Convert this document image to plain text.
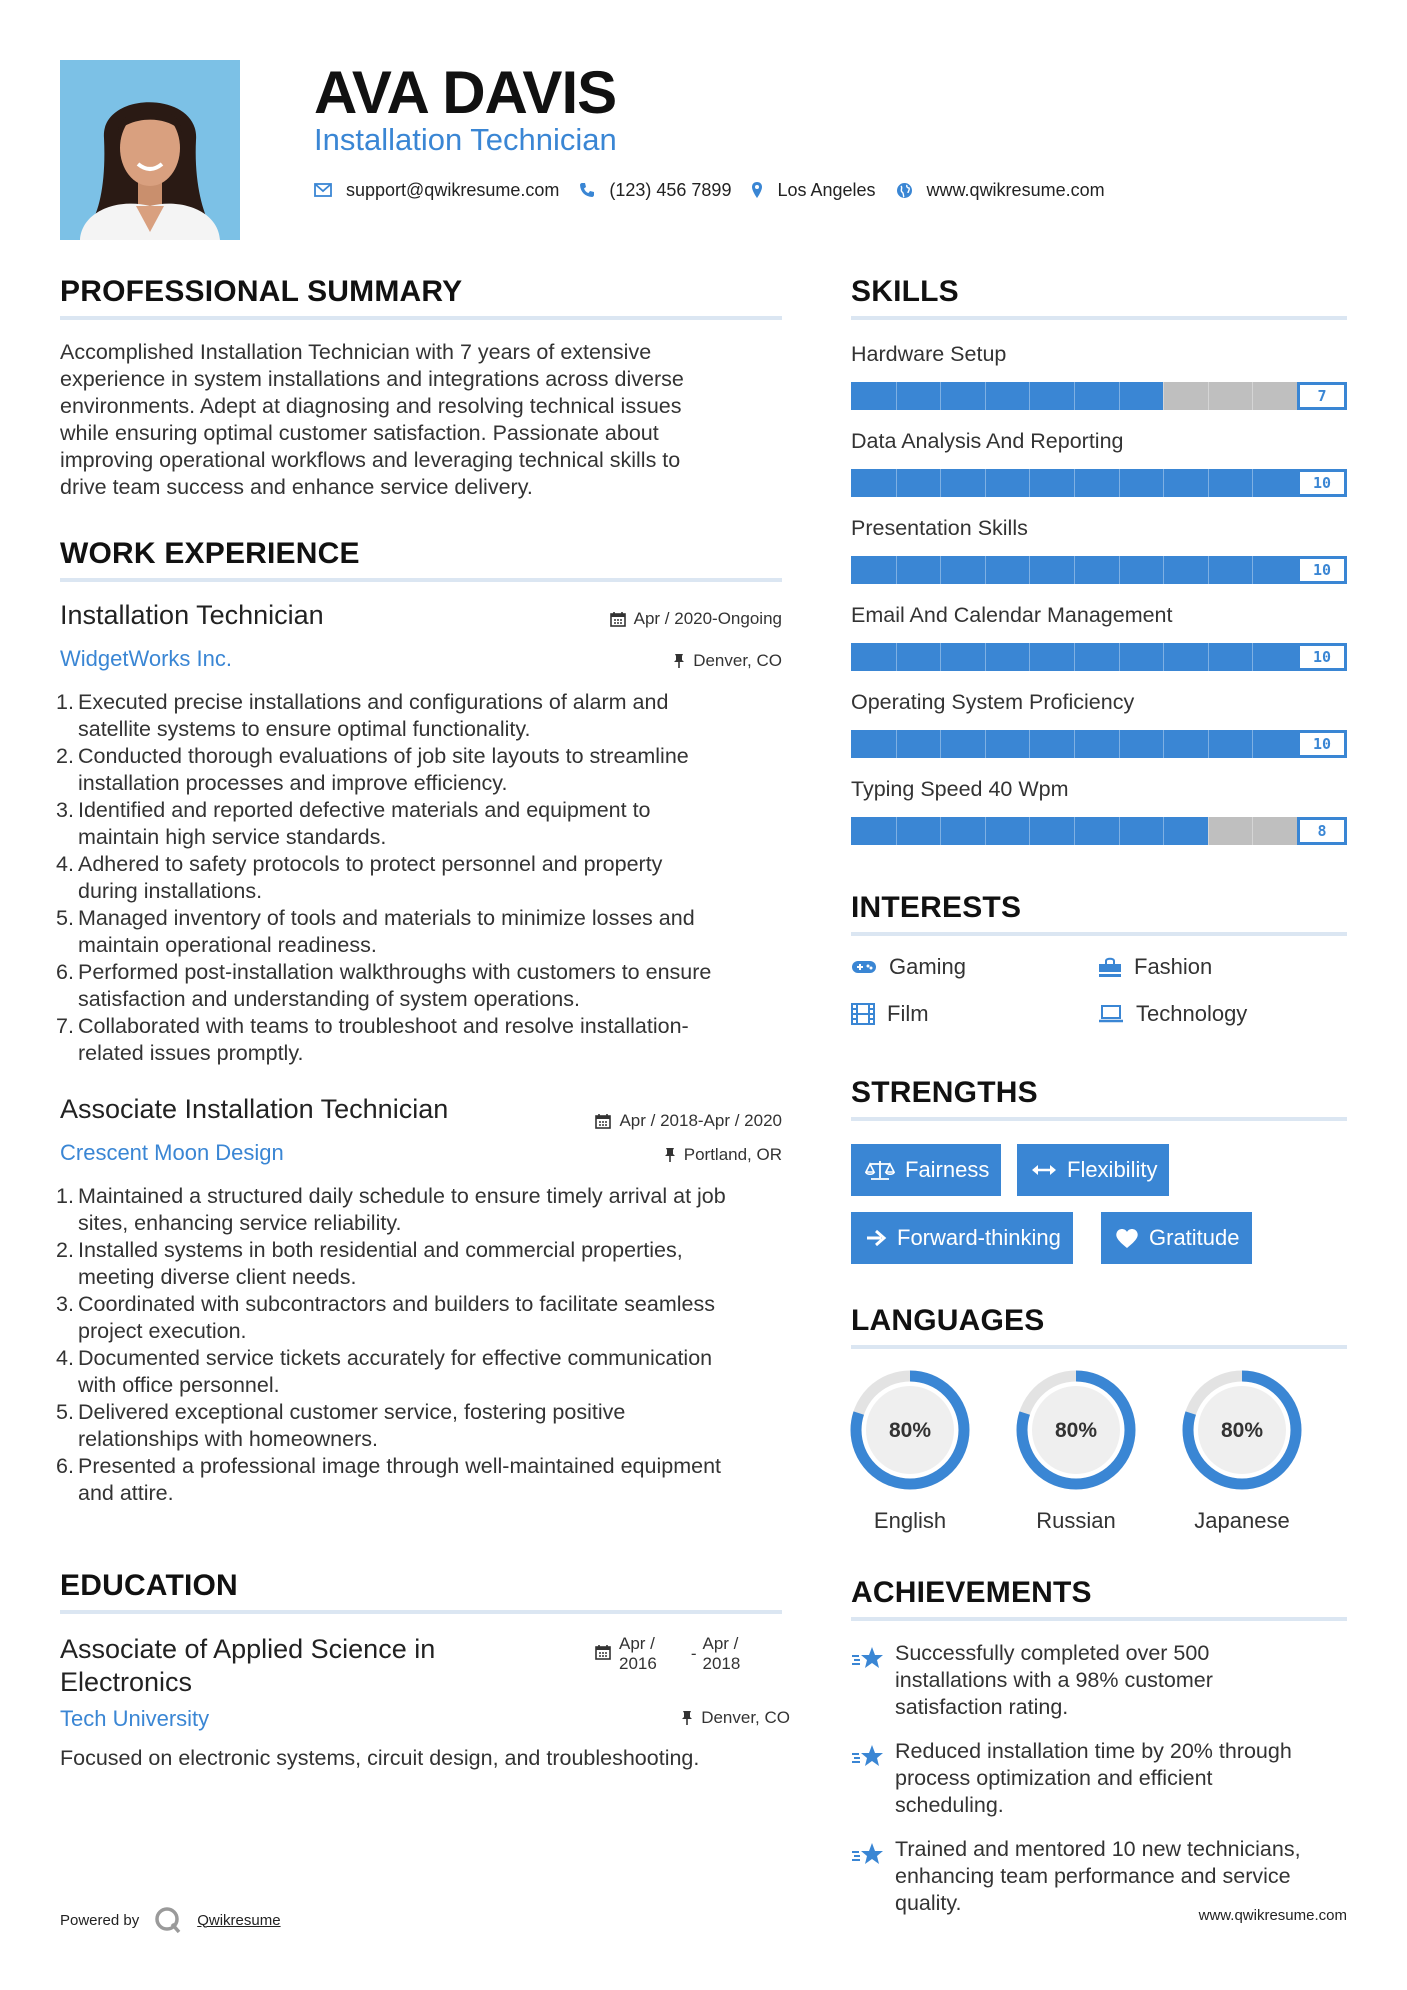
AVA DAVIS
Installation Technician
support@qwikresume.com	(123) 456 7899	Los Angeles	www.qwikresume.com
PROFESSIONAL SUMMARY
Accomplished Installation Technician with 7 years of extensive
experience in system installations and integrations across diverse
environments. Adept at diagnosing and resolving technical issues
while ensuring optimal customer satisfaction. Passionate about
improving operational workflows and leveraging technical skills to
drive team success and enhance service delivery.
WORK EXPERIENCE
Installation Technician	Apr / 2020-Ongoing
WidgetWorks Inc.	Denver, CO
1. Executed precise installations and configurations of alarm and
satellite systems to ensure optimal functionality.
2. Conducted thorough evaluations of job site layouts to streamline
installation processes and improve efficiency.
3. Identified and reported defective materials and equipment to
maintain high service standards.
4. Adhered to safety protocols to protect personnel and property
during installations.
5. Managed inventory of tools and materials to minimize losses and
maintain operational readiness.
6. Performed post-installation walkthroughs with customers to ensure
satisfaction and understanding of system operations.
7. Collaborated with teams to troubleshoot and resolve installation-
related issues promptly.
Associate Installation Technician	Apr / 2018-Apr / 2020
Crescent Moon Design	Portland, OR
1. Maintained a structured daily schedule to ensure timely arrival at job
sites, enhancing service reliability.
2. Installed systems in both residential and commercial properties,
meeting diverse client needs.
3. Coordinated with subcontractors and builders to facilitate seamless
project execution.
4. Documented service tickets accurately for effective communication
with office personnel.
5. Delivered exceptional customer service, fostering positive
relationships with homeowners.
6. Presented a professional image through well-maintained equipment
and attire.
EDUCATION
Associate of Applied Science in
Electronics
Apr /
2016
-
Apr /
2018
Tech University	Denver, CO
Focused on electronic systems, circuit design, and troubleshooting.
SKILLS
Hardware Setup
7
Data Analysis And Reporting
10
Presentation Skills
10
Email And Calendar Management
10
Operating System Proficiency
10
Typing Speed 40 Wpm
8
INTERESTS
Gaming	Fashion
Film	Technology
STRENGTHS
Fairness	Flexibility
Forward-thinking	Gratitude
LANGUAGES
80%
English
80%
Russian
80%
Japanese
ACHIEVEMENTS
Successfully completed over 500
installations with a 98% customer
satisfaction rating.
Reduced installation time by 20% through
process optimization and efficient
scheduling.
Trained and mentored 10 new technicians,
enhancing team performance and service
quality.
Powered by	Qwikresume	www.qwikresume.com
